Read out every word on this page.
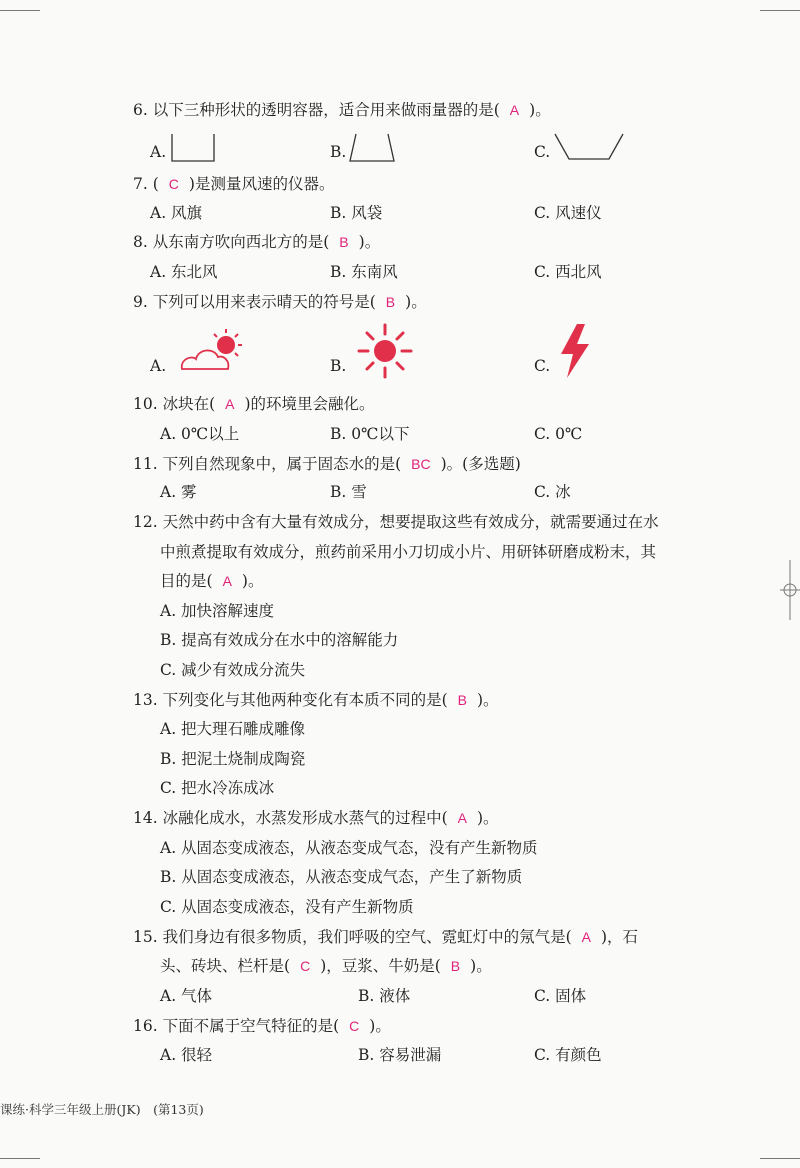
6. 以下三种形状的透明容器，适合用来做雨量器的是( A )。
A.	B.	C.
7. ( C )是测量风速的仪器。
A. 风旗	B. 风袋	C. 风速仪
8. 从东南方吹向西北方的是( B )。
A. 东北风	B. 东南风	C. 西北风
9. 下列可以用来表示晴天的符号是( B )。
A.	B.	C.
10. 冰块在( A )的环境里会融化。
A. 0℃以上	B. 0℃以下	C. 0℃
11. 下列自然现象中，属于固态水的是( BC )。(多选题)
A. 雾	B. 雪	C. 冰
12. 天然中药中含有大量有效成分，想要提取这些有效成分，就需要通过在水
中煎煮提取有效成分，煎药前采用小刀切成小片、用研钵研磨成粉末，其
目的是( A )。
A. 加快溶解速度
B. 提高有效成分在水中的溶解能力
C. 减少有效成分流失
13. 下列变化与其他两种变化有本质不同的是( B )。
A. 把大理石雕成雕像
B. 把泥土烧制成陶瓷
C. 把水冷冻成冰
14. 冰融化成水，水蒸发形成水蒸气的过程中( A )。
A. 从固态变成液态，从液态变成气态，没有产生新物质
B. 从固态变成液态，从液态变成气态，产生了新物质
C. 从固态变成液态，没有产生新物质
15. 我们身边有很多物质，我们呼吸的空气、霓虹灯中的氖气是( A )，石
头、砖块、栏杆是( C )，豆浆、牛奶是( B )。
A. 气体	B. 液体	C. 固体
16. 下面不属于空气特征的是( C )。
A. 很轻	B. 容易泄漏	C. 有颜色
课练·科学三年级上册(JK)　(第13页)
